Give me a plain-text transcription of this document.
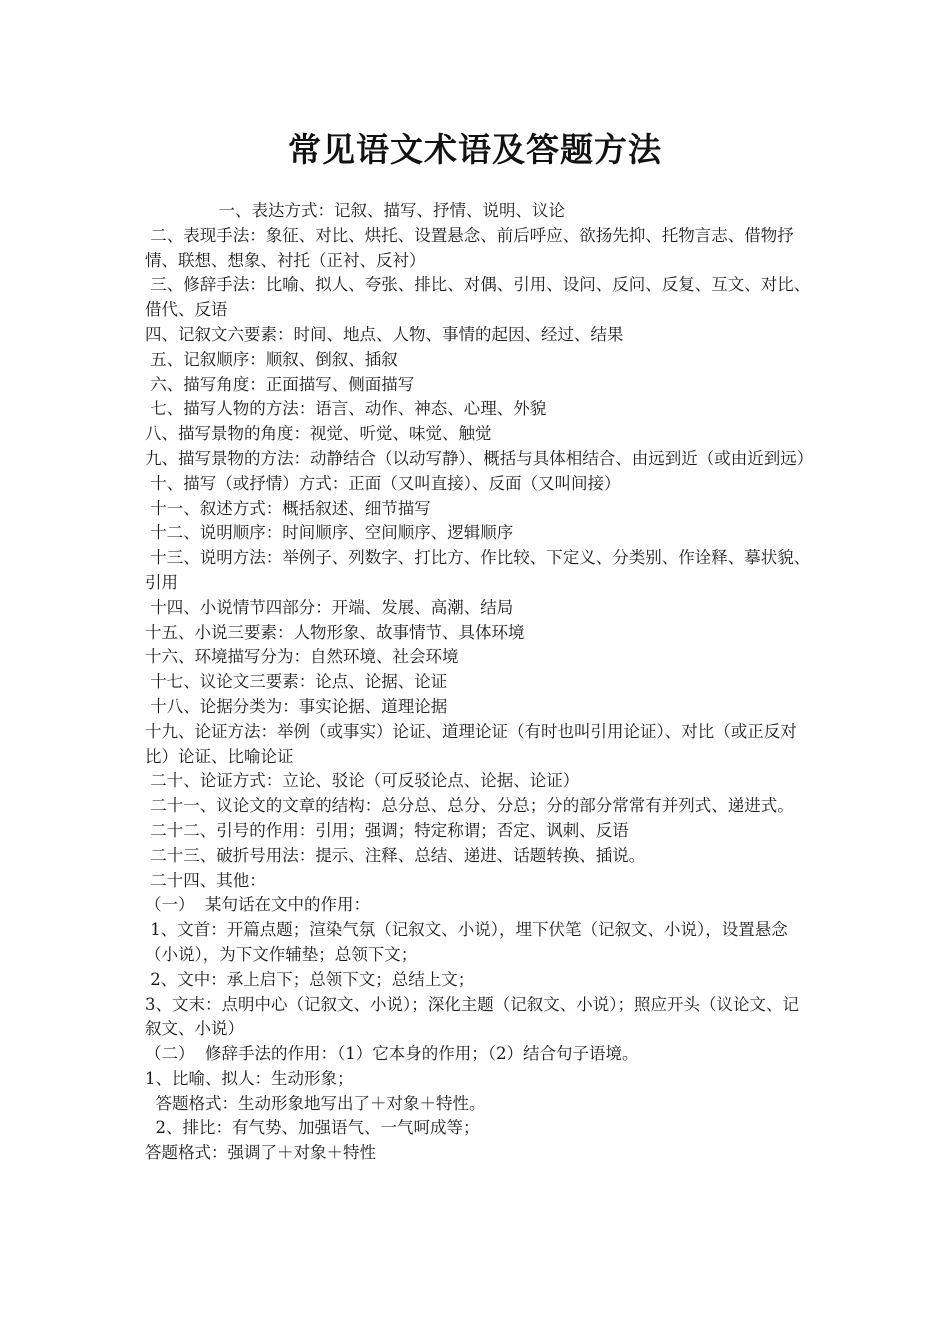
常见语文术语及答题方法

一、表达方式：记叙、描写、抒情、说明、议论

二、表现手法：象征、对比、烘托、设置悬念、前后呼应、欲扬先抑、托物言志、借物抒情、联想、想象、衬托（正衬、反衬）

三、修辞手法：比喻、拟人、夸张、排比、对偶、引用、设问、反问、反复、互文、对比、借代、反语

四、记叙文六要素：时间、地点、人物、事情的起因、经过、结果

五、记叙顺序：顺叙、倒叙、插叙

六、描写角度：正面描写、侧面描写

七、描写人物的方法：语言、动作、神态、心理、外貌

八、描写景物的角度：视觉、听觉、味觉、触觉

九、描写景物的方法：动静结合（以动写静）、概括与具体相结合、由远到近（或由近到远）

十、描写（或抒情）方式：正面（又叫直接）、反面（又叫间接）

十一、叙述方式：概括叙述、细节描写

十二、说明顺序：时间顺序、空间顺序、逻辑顺序

十三、说明方法：举例子、列数字、打比方、作比较、下定义、分类别、作诠释、摹状貌、引用

十四、小说情节四部分：开端、发展、高潮、结局

十五、小说三要素：人物形象、故事情节、具体环境

十六、环境描写分为：自然环境、社会环境

十七、议论文三要素：论点、论据、论证

十八、论据分类为：事实论据、道理论据

十九、论证方法：举例（或事实）论证、道理论证（有时也叫引用论证）、对比（或正反对比）论证、比喻论证

二十、论证方式：立论、驳论（可反驳论点、论据、论证）

二十一、议论文的文章的结构：总分总、总分、分总；分的部分常常有并列式、递进式。

二十二、引号的作用：引用；强调；特定称谓；否定、讽刺、反语

二十三、破折号用法：提示、注释、总结、递进、话题转换、插说。

二十四、其他：

（一）  某句话在文中的作用：

1、文首：开篇点题；渲染气氛（记叙文、小说），埋下伏笔（记叙文、小说），设置悬念（小说），为下文作辅垫；总领下文；

2、文中：承上启下；总领下文；总结上文；

3、文末：点明中心（记叙文、小说）；深化主题（记叙文、小说）；照应开头（议论文、记叙文、小说）

（二）  修辞手法的作用：（1）它本身的作用；（2）结合句子语境。

1、比喻、拟人：生动形象；

答题格式：生动形象地写出了＋对象＋特性。

2、排比：有气势、加强语气、一气呵成等；

答题格式：强调了＋对象＋特性
